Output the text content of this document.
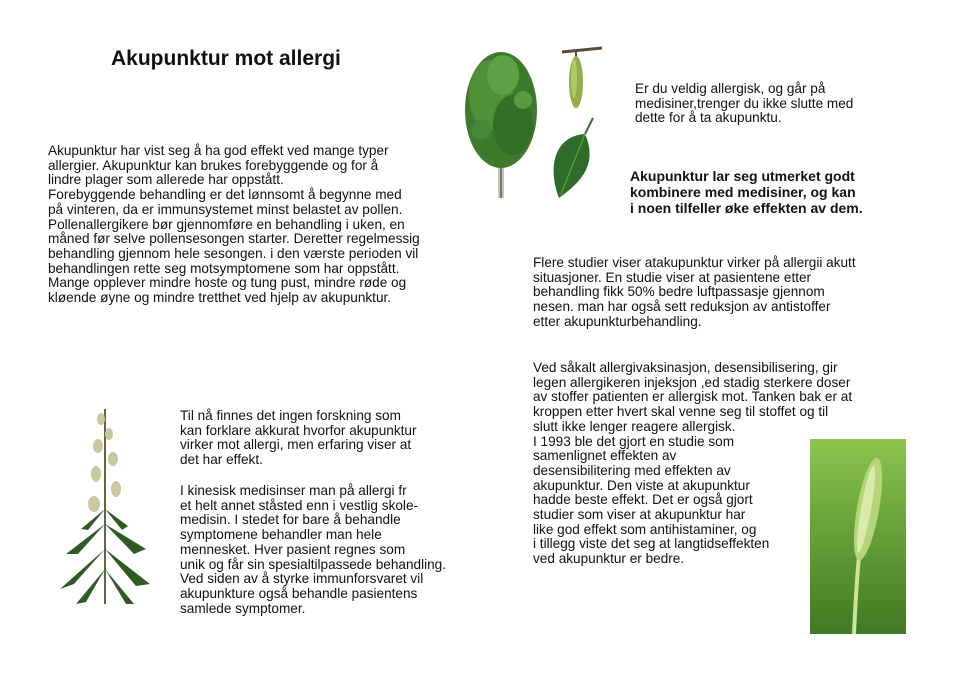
Akupunktur mot allergi
Akupunktur har vist seg å ha god effekt ved mange typer
allergier. Akupunktur kan brukes forebyggende og for å
lindre plager som allerede har oppstått.
Forebyggende behandling er det lønnsomt å begynne med
på vinteren, da er immunsystemet minst belastet av pollen.
Pollenallergikere bør gjennomføre en behandling i uken, en
måned før selve pollensesongen starter. Deretter regelmessig
behandling gjennom hele sesongen. i den værste perioden vil
behandlingen rette seg motsymptomene som har oppstått.
Mange opplever mindre hoste og tung pust, mindre røde og
kløende øyne og mindre tretthet ved hjelp av akupunktur.
Er du veldig allergisk, og går på
medisiner,trenger du ikke slutte med
dette for å ta akupunktu.
Akupunktur lar seg utmerket godt
kombinere med medisiner, og kan
i noen tilfeller øke effekten av dem.
Flere studier viser atakupunktur virker på allergii akutt
situasjoner. En studie viser at pasientene etter
behandling fikk 50% bedre luftpassasje gjennom
nesen. man har også sett reduksjon av antistoffer
etter akupunkturbehandling.
Ved såkalt allergivaksinasjon, desensibilisering, gir
legen allergikeren injeksjon ,ed stadig sterkere doser
av stoffer patienten er allergisk mot. Tanken bak er at
kroppen etter hvert skal venne seg til stoffet og til
slutt ikke lenger reagere allergisk.
I 1993 ble det gjort en studie som
samenlignet effekten av
desensibilitering med effekten av
akupunktur. Den viste at akupunktur
hadde beste effekt. Det er også gjort
studier som viser at akupunktur har
like god effekt som antihistaminer, og
i tillegg viste det seg at langtidseffekten
ved akupunktur er bedre.
Til nå finnes det ingen forskning som
kan forklare akkurat hvorfor akupunktur
virker mot allergi, men erfaring viser at
det har effekt.
I kinesisk medisinser man på allergi fr
et helt annet ståsted enn i vestlig skole-
medisin. I stedet for bare å behandle
symptomene behandler man hele
mennesket. Hver pasient regnes som
unik og får sin spesialtilpassede behandling.
Ved siden av å styrke immunforsvaret vil
akupunkture også behandle pasientens
samlede symptomer.
